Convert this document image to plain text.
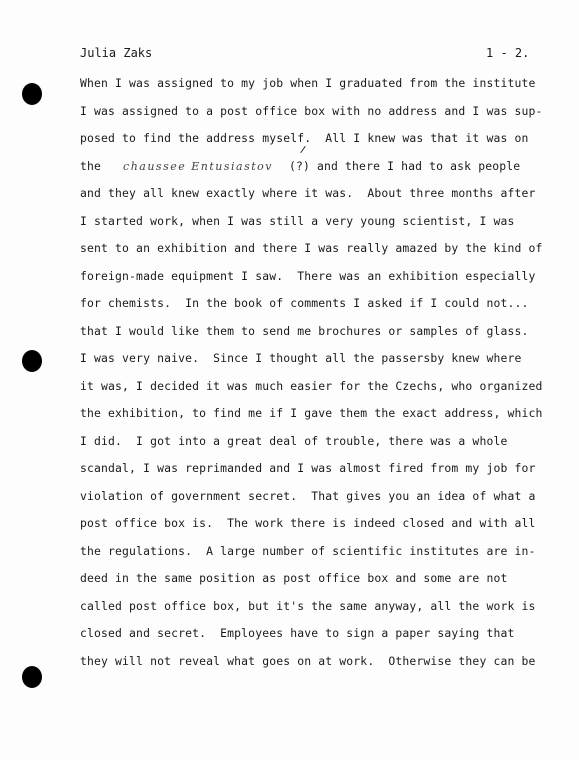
Julia Zaks	1 - 2.
When I was assigned to my job when I graduated from the institute
I was assigned to a post office box with no address and I was sup-
posed to find the address myself.  All I knew was that it was on
the chaussee Entusiastov (?) and there I had to ask people
and they all knew exactly where it was.  About three months after
I started work, when I was still a very young scientist, I was
sent to an exhibition and there I was really amazed by the kind of
foreign-made equipment I saw.  There was an exhibition especially
for chemists.  In the book of comments I asked if I could not...
that I would like them to send me brochures or samples of glass.
I was very naive.  Since I thought all the passersby knew where
it was, I decided it was much easier for the Czechs, who organized
the exhibition, to find me if I gave them the exact address, which
I did.  I got into a great deal of trouble, there was a whole
scandal, I was reprimanded and I was almost fired from my job for
violation of government secret.  That gives you an idea of what a
post office box is.  The work there is indeed closed and with all
the regulations.  A large number of scientific institutes are in-
deed in the same position as post office box and some are not
called post office box, but it's the same anyway, all the work is
closed and secret.  Employees have to sign a paper saying that
they will not reveal what goes on at work.  Otherwise they can be
